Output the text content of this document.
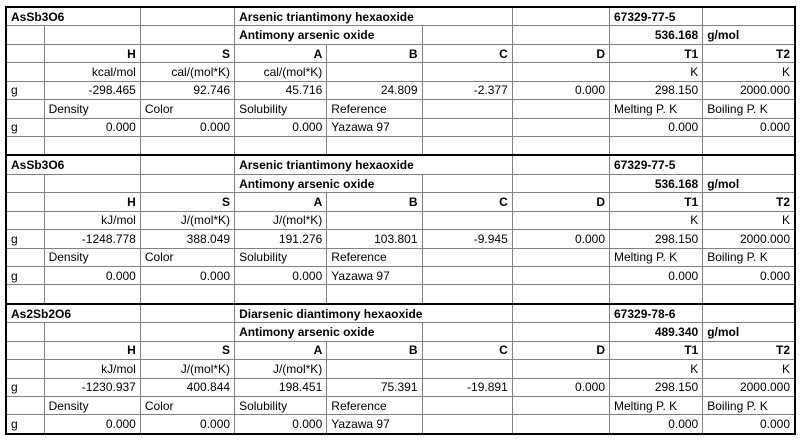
AsSb3O6			Arsenic triantimony hexaoxide				67329-77-5	
			Antimony arsenic oxide				536.168	g/mol
	H	S	A	B	C	D	T1	T2
	kcal/mol	cal/(mol*K)	cal/(mol*K)				K	K
g	-298.465	92.746	45.716	24.809	-2.377	0.000	298.150	2000.000
	Density	Color	Solubility	Reference			Melting P. K	Boiling P. K
g	0.000	0.000	0.000	Yazawa 97			0.000	0.000

AsSb3O6			Arsenic triantimony hexaoxide				67329-77-5	
			Antimony arsenic oxide				536.168	g/mol
	H	S	A	B	C	D	T1	T2
	kJ/mol	J/(mol*K)	J/(mol*K)				K	K
g	-1248.778	388.049	191.276	103.801	-9.945	0.000	298.150	2000.000
	Density	Color	Solubility	Reference			Melting P. K	Boiling P. K
g	0.000	0.000	0.000	Yazawa 97			0.000	0.000

As2Sb2O6			Diarsenic diantimony hexaoxide				67329-78-6	
			Antimony arsenic oxide				489.340	g/mol
	H	S	A	B	C	D	T1	T2
	kJ/mol	J/(mol*K)	J/(mol*K)				K	K
g	-1230.937	400.844	198.451	75.391	-19.891	0.000	298.150	2000.000
	Density	Color	Solubility	Reference			Melting P. K	Boiling P. K
g	0.000	0.000	0.000	Yazawa 97			0.000	0.000
